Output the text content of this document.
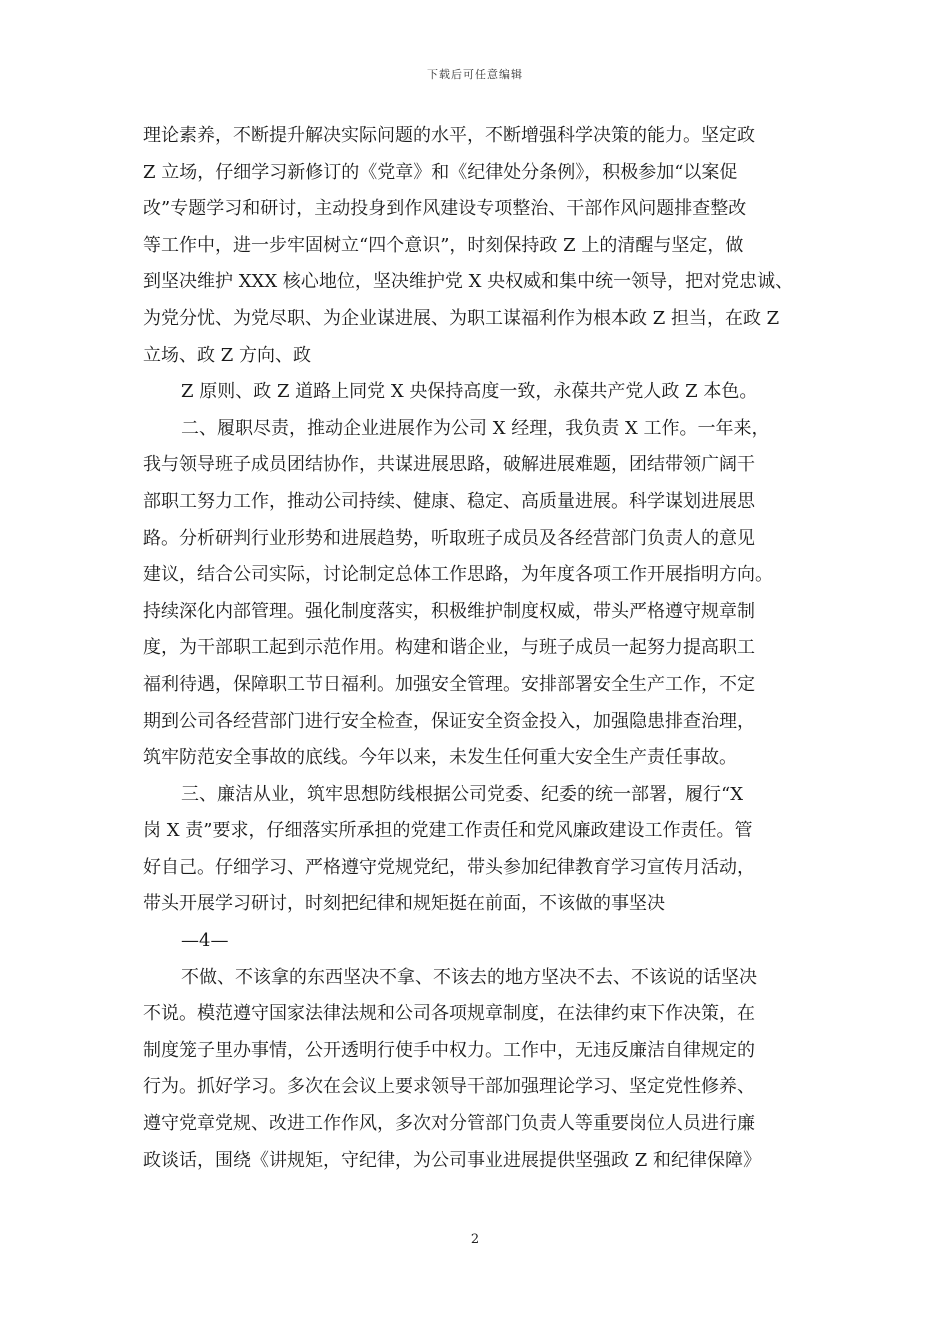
下载后可任意编辑

理论素养，不断提升解决实际问题的水平，不断增强科学决策的能力。坚定政
Z 立场，仔细学习新修订的《党章》和《纪律处分条例》，积极参加“以案促
改”专题学习和研讨，主动投身到作风建设专项整治、干部作风问题排查整改
等工作中，进一步牢固树立“四个意识”，时刻保持政 Z 上的清醒与坚定，做
到坚决维护 XXX 核心地位，坚决维护党 X 央权威和集中统一领导，把对党忠诚、
为党分忧、为党尽职、为企业谋进展、为职工谋福利作为根本政 Z 担当，在政 Z
立场、政 Z 方向、政

Z 原则、政 Z 道路上同党 X 央保持高度一致，永葆共产党人政 Z 本色。

二、履职尽责，推动企业进展作为公司 X 经理，我负责 X 工作。一年来，
我与领导班子成员团结协作，共谋进展思路，破解进展难题，团结带领广阔干
部职工努力工作，推动公司持续、健康、稳定、高质量进展。科学谋划进展思
路。分析研判行业形势和进展趋势，听取班子成员及各经营部门负责人的意见
建议，结合公司实际，讨论制定总体工作思路，为年度各项工作开展指明方向。
持续深化内部管理。强化制度落实，积极维护制度权威，带头严格遵守规章制
度，为干部职工起到示范作用。构建和谐企业，与班子成员一起努力提高职工
福利待遇，保障职工节日福利。加强安全管理。安排部署安全生产工作，不定
期到公司各经营部门进行安全检查，保证安全资金投入，加强隐患排查治理，
筑牢防范安全事故的底线。今年以来，未发生任何重大安全生产责任事故。

三、廉洁从业，筑牢思想防线根据公司党委、纪委的统一部署，履行“X
岗 X 责”要求，仔细落实所承担的党建工作责任和党风廉政建设工作责任。管
好自己。仔细学习、严格遵守党规党纪，带头参加纪律教育学习宣传月活动，
带头开展学习研讨，时刻把纪律和规矩挺在前面，不该做的事坚决

—4—

不做、不该拿的东西坚决不拿、不该去的地方坚决不去、不该说的话坚决
不说。模范遵守国家法律法规和公司各项规章制度，在法律约束下作决策，在
制度笼子里办事情，公开透明行使手中权力。工作中，无违反廉洁自律规定的
行为。抓好学习。多次在会议上要求领导干部加强理论学习、坚定党性修养、
遵守党章党规、改进工作作风，多次对分管部门负责人等重要岗位人员进行廉
政谈话，围绕《讲规矩，守纪律，为公司事业进展提供坚强政 Z 和纪律保障》

2
